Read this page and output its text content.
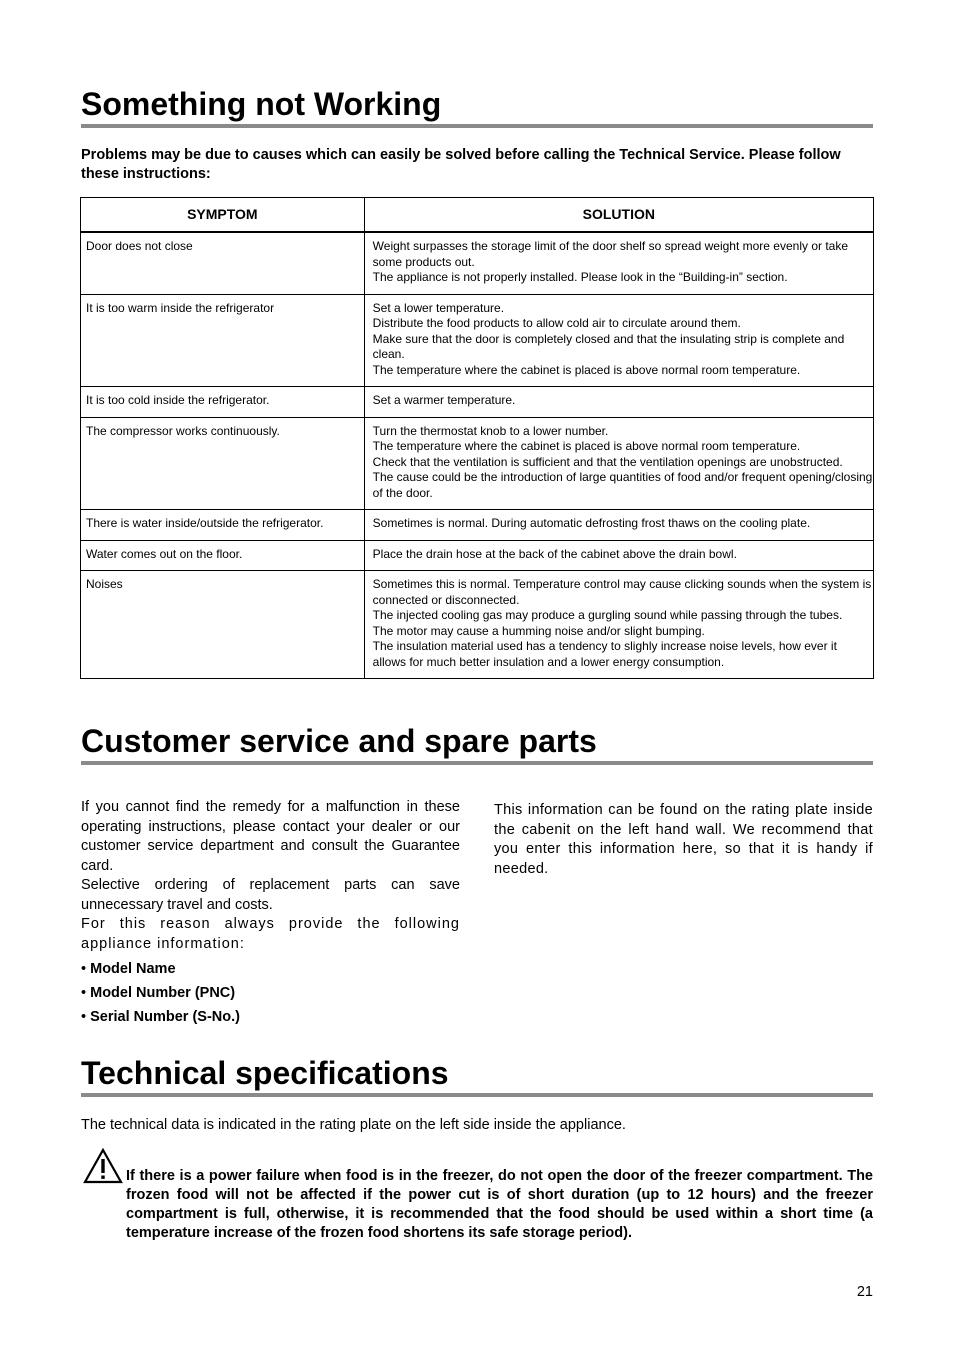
Something not Working
Problems may be due to causes which can easily be solved before calling the Technical Service. Please follow these instructions:
SYMPTOM	SOLUTION
Door does not close	Weight surpasses the storage limit of the door shelf so spread weight more evenly or take some products out.
The appliance is not properly installed. Please look in the “Building-in” section.

It is too warm inside the refrigerator	Set a lower temperature.
Distribute the food products to allow cold air to circulate around them.
Make sure that the door is completely closed and that the insulating strip is complete and clean.
The temperature where the cabinet is placed is above normal room temperature.

It is too cold inside the refrigerator.	Set a warmer temperature.

The compressor works continuously.	Turn the thermostat knob to a lower number.
The temperature where the cabinet is placed is above normal room temperature.
Check that the ventilation is sufficient and that the ventilation openings are unobstructed.
The cause could be the introduction of large quantities of food and/or frequent opening/closing of the door.

There is water inside/outside the refrigerator.	Sometimes is normal. During automatic defrosting frost thaws on the cooling plate.

Water comes out on the floor.	Place the drain hose at the back of the cabinet above the drain bowl.

Noises	Sometimes this is normal. Temperature control may cause clicking sounds when the system is connected or disconnected.
The injected cooling gas may produce a gurgling sound while passing through the tubes.
The motor may cause a humming noise and/or slight bumping.
The insulation material used has a tendency to slighly increase noise levels, how ever it allows for much better insulation and a lower energy consumption.
Customer service and spare parts

If you cannot find the remedy for a malfunction in these operating instructions, please contact your dealer or our customer service department and consult the Guarantee card.

Selective ordering of replacement parts can save unnecessary travel and costs.

For this reason always provide the following appliance information:

• Model Name
• Model Number (PNC)
• Serial Number (S-No.)
This information can be found on the rating plate inside the cabenit on the left hand wall. We recommend that you enter this information here, so that it is handy if needed.
Technical specifications
The technical data is indicated in the rating plate on the left side inside the appliance.

If there is a power failure when food is in the freezer, do not open the door of the freezer compartment. The frozen food will not be affected if the power cut is of short duration (up to 12 hours) and the freezer compartment is full, otherwise, it is recommended that the food should be used within a short time (a temperature increase of the frozen food shortens its safe storage period).

21
